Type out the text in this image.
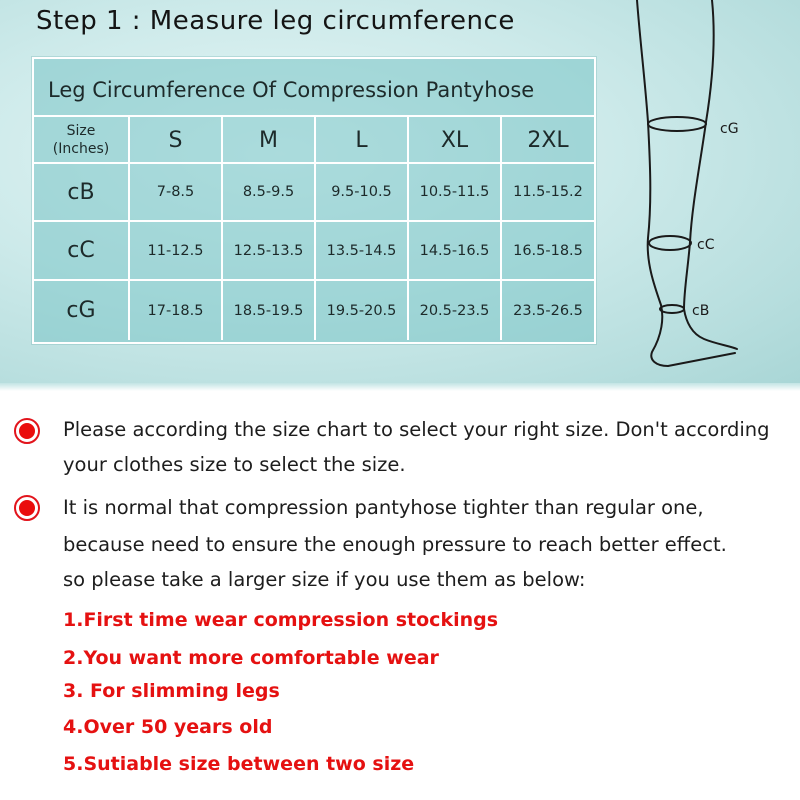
Step 1 : Measure leg circumference
Leg Circumference Of Compression Pantyhose
Size
(Inches)	S	M	L	XL	2XL
cB	7-8.5	8.5-9.5	9.5-10.5	10.5-11.5	11.5-15.2
cC	11-12.5	12.5-13.5	13.5-14.5	14.5-16.5	16.5-18.5
cG	17-18.5	18.5-19.5	19.5-20.5	20.5-23.5	23.5-26.5
cG
cC
cB
Please according the size chart to select your right size. Don't according
your clothes size to select the size.
It is normal that compression pantyhose tighter than regular one,
because need to ensure the enough pressure to reach better effect.
so please take a larger size if you use them as below:
1.First time wear compression stockings
2.You want more comfortable wear
3. For slimming legs
4.Over 50 years old
5.Sutiable size between two size
